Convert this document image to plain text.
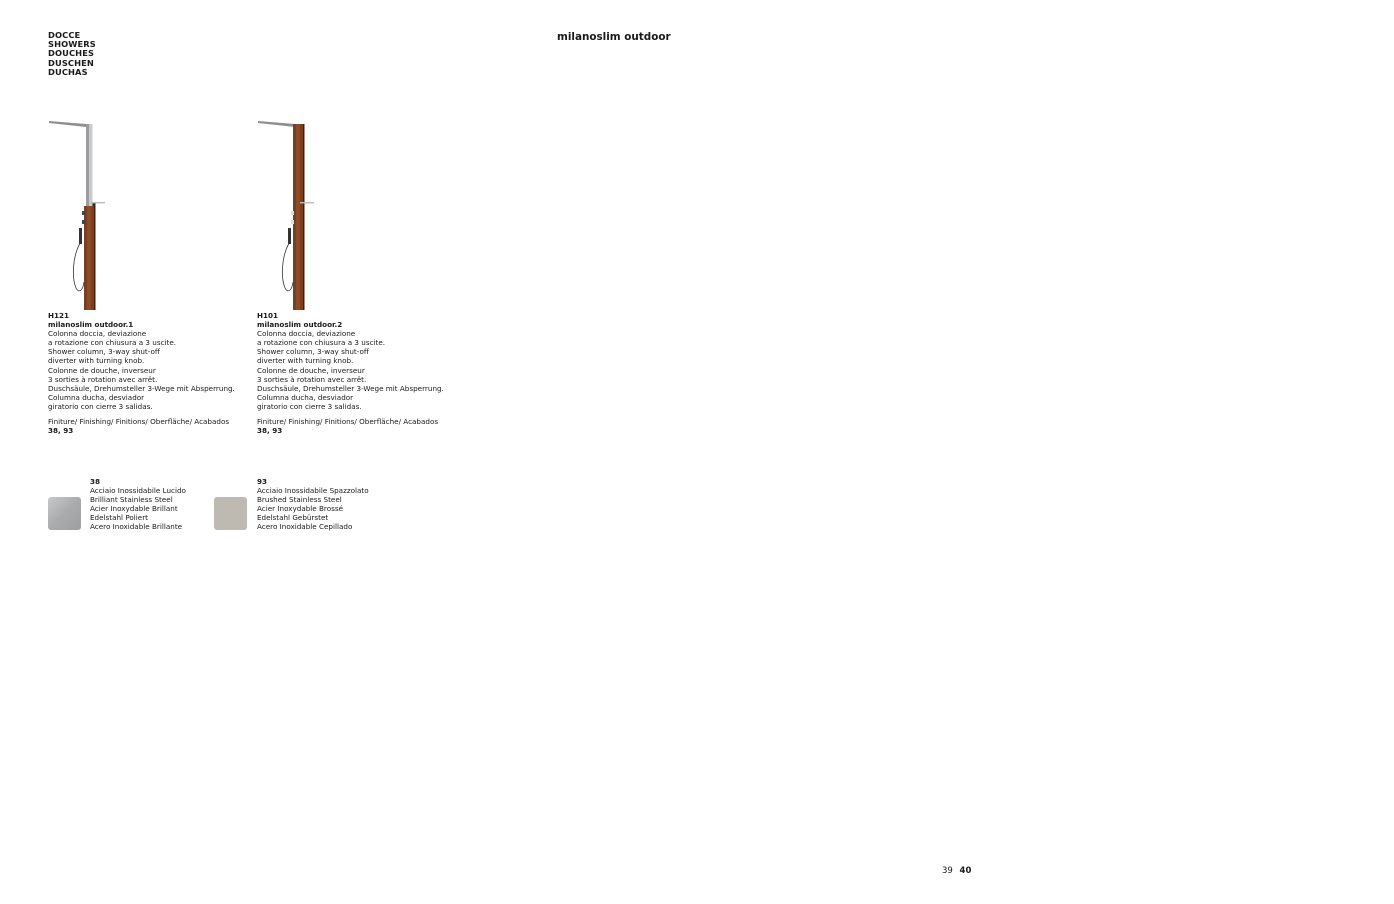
DOCCE
SHOWERS
DOUCHES
DUSCHEN
DUCHAS
milanoslim outdoor
H121
milanoslim outdoor.1
Colonna doccia, deviazione
a rotazione con chiusura a 3 uscite.
Shower column, 3-way shut-off
diverter with turning knob.
Colonne de douche, inverseur
3 sorties à rotation avec arrêt.
Duschsäule, Drehumsteller 3-Wege mit Absperrung.
Columna ducha, desviador
giratorio con cierre 3 salidas.
Finiture/ Finishing/ Finitions/ Oberfläche/ Acabados
38, 93
H101
milanoslim outdoor.2
Colonna doccia, deviazione
a rotazione con chiusura a 3 uscite.
Shower column, 3-way shut-off
diverter with turning knob.
Colonne de douche, inverseur
3 sorties à rotation avec arrêt.
Duschsäule, Drehumsteller 3-Wege mit Absperrung.
Columna ducha, desviador
giratorio con cierre 3 salidas.
Finiture/ Finishing/ Finitions/ Oberfläche/ Acabados
38, 93
38
Acciaio Inossidabile Lucido
Brilliant Stainless Steel
Acier Inoxydable Brillant
Edelstahl Poliert
Acero Inoxidable Brillante
93
Acciaio Inossidabile Spazzolato
Brushed Stainless Steel
Acier Inoxydable Brossé
Edelstahl Gebürstet
Acero Inoxidable Cepillado
39 40
